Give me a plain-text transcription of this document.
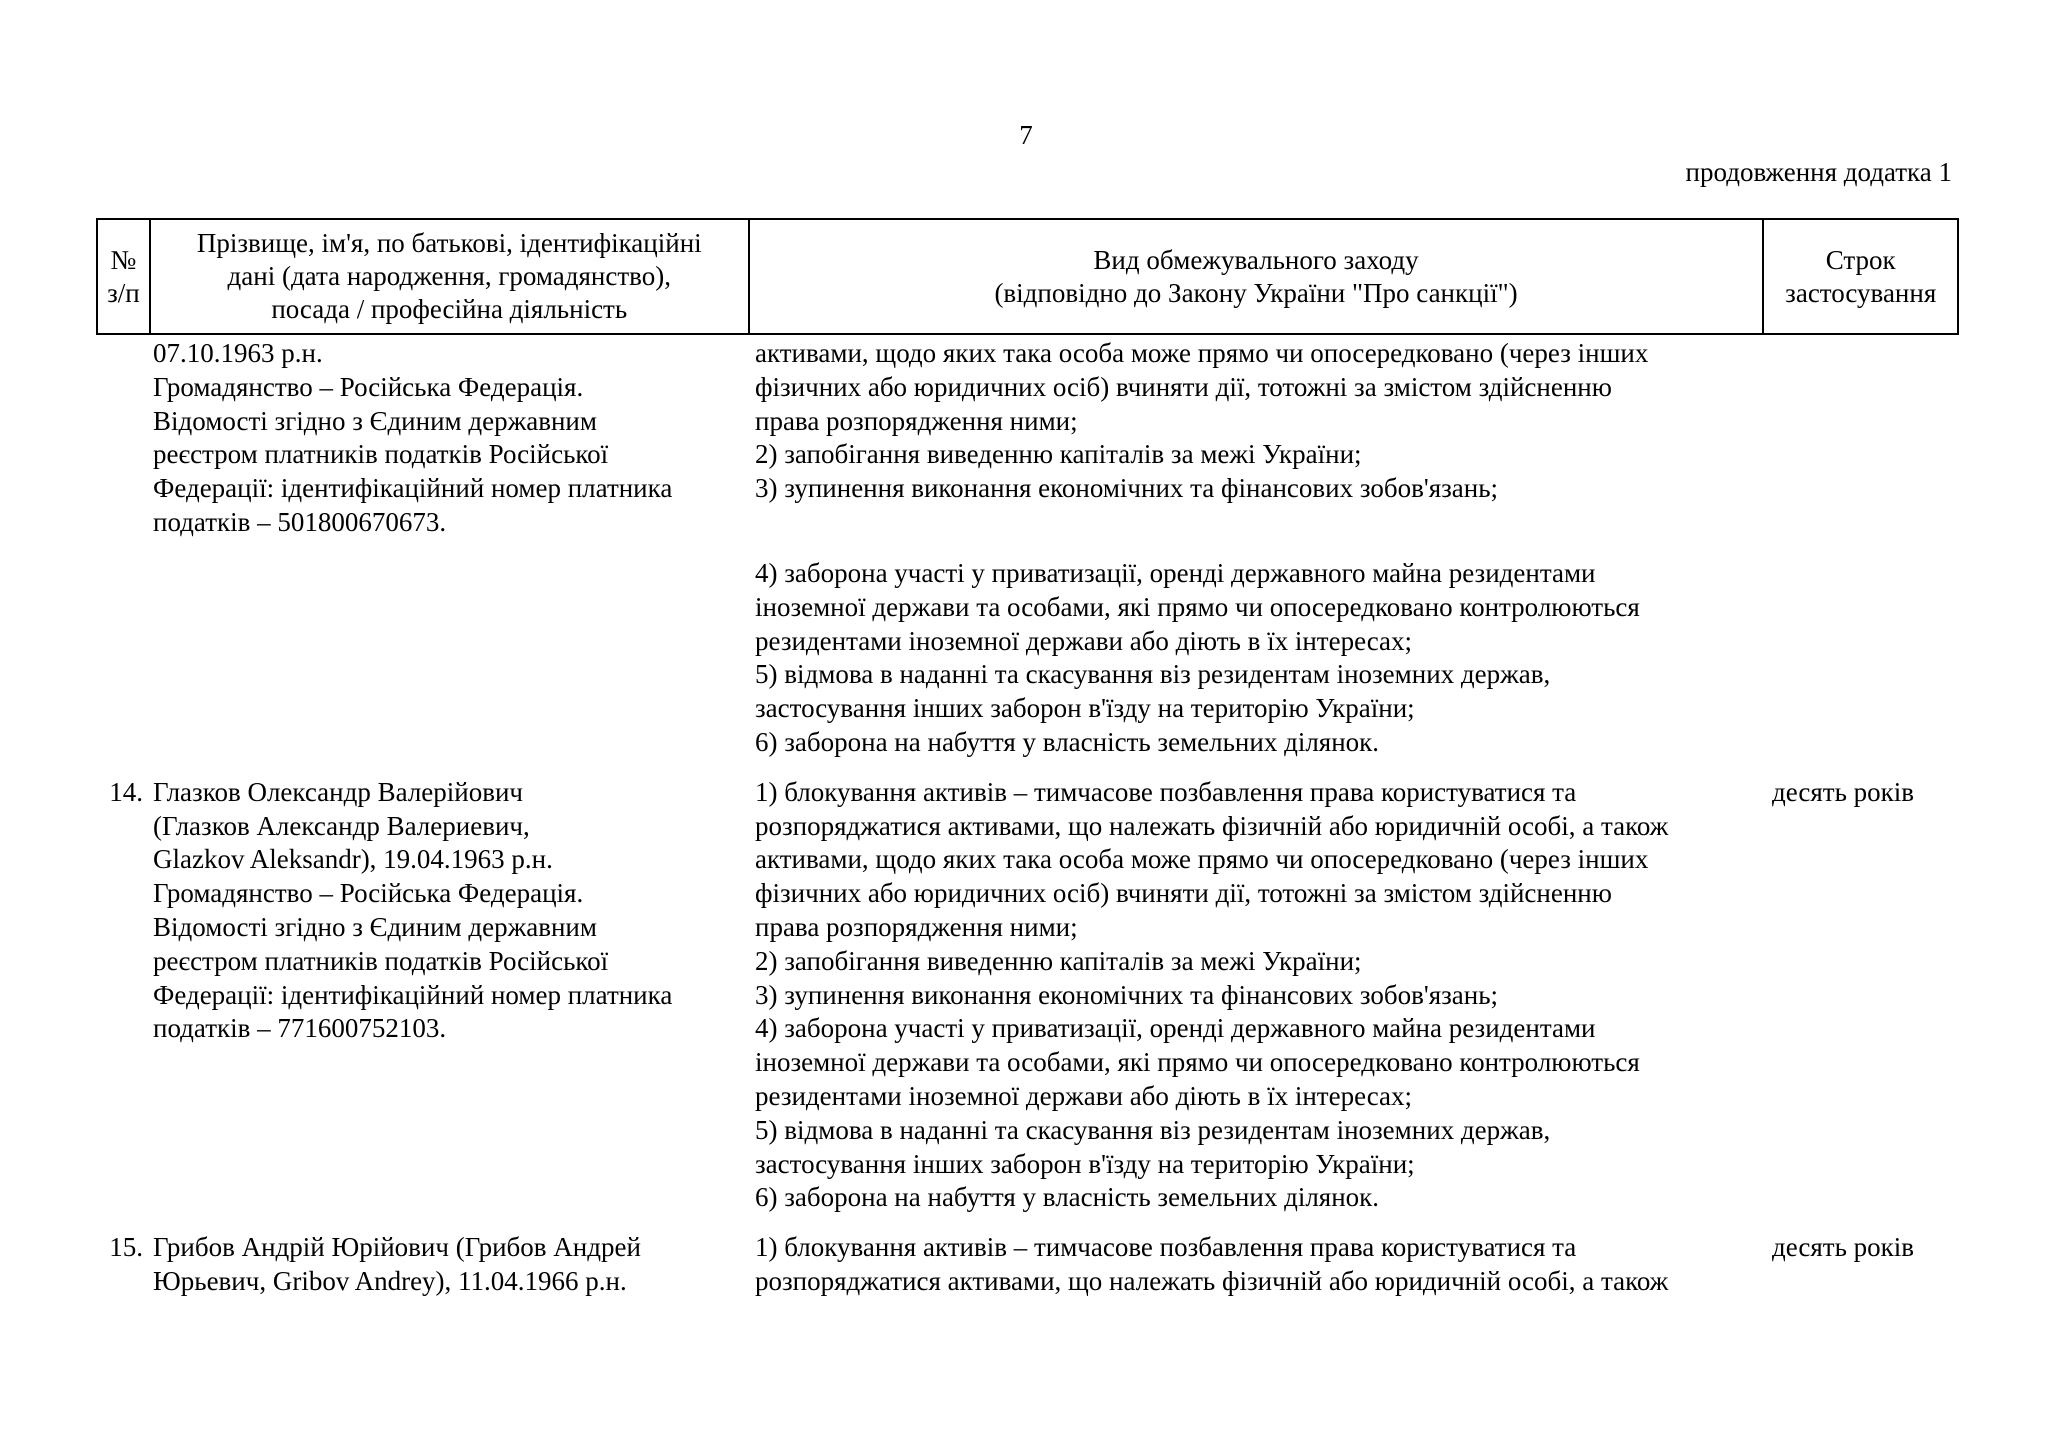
7
продовження додатка 1
№
з/п
Прізвище, ім'я, по батькові, ідентифікаційні
дані (дата народження, громадянство),
посада / професійна діяльність
Вид обмежувального заходу
(відповідно до Закону України "Про санкції")
Строк
застосування
07.10.1963 р.н.
Громадянство – Російська Федерація.
Відомості згідно з Єдиним державним
реєстром платників податків Російської
Федерації: ідентифікаційний номер платника
податків – 501800670673.
активами, щодо яких така особа може прямо чи опосередковано (через інших
фізичних або юридичних осіб) вчиняти дії, тотожні за змістом здійсненню
права розпорядження ними;
2) запобігання виведенню капіталів за межі України;
3) зупинення виконання економічних та фінансових зобов'язань;
4) заборона участі у приватизації, оренді державного майна резидентами
іноземної держави та особами, які прямо чи опосередковано контролюються
резидентами іноземної держави або діють в їх інтересах;
5) відмова в наданні та скасування віз резидентам іноземних держав,
застосування інших заборон в'їзду на територію України;
6) заборона на набуття у власність земельних ділянок.
14. Глазков Олександр Валерійович
(Глазков Александр Валериевич,
Glazkov Aleksandr), 19.04.1963 р.н.
Громадянство – Російська Федерація.
Відомості згідно з Єдиним державним
реєстром платників податків Російської
Федерації: ідентифікаційний номер платника
податків – 771600752103.
1) блокування активів – тимчасове позбавлення права користуватися та
розпоряджатися активами, що належать фізичній або юридичній особі, а також
активами, щодо яких така особа може прямо чи опосередковано (через інших
фізичних або юридичних осіб) вчиняти дії, тотожні за змістом здійсненню
права розпорядження ними;
2) запобігання виведенню капіталів за межі України;
3) зупинення виконання економічних та фінансових зобов'язань;
4) заборона участі у приватизації, оренді державного майна резидентами
іноземної держави та особами, які прямо чи опосередковано контролюються
резидентами іноземної держави або діють в їх інтересах;
5) відмова в наданні та скасування віз резидентам іноземних держав,
застосування інших заборон в'їзду на територію України;
6) заборона на набуття у власність земельних ділянок.
десять років
15. Грибов Андрій Юрійович (Грибов Андрей
Юрьевич, Gribov Andrey), 11.04.1966 р.н.
1) блокування активів – тимчасове позбавлення права користуватися та
розпоряджатися активами, що належать фізичній або юридичній особі, а також
десять років
